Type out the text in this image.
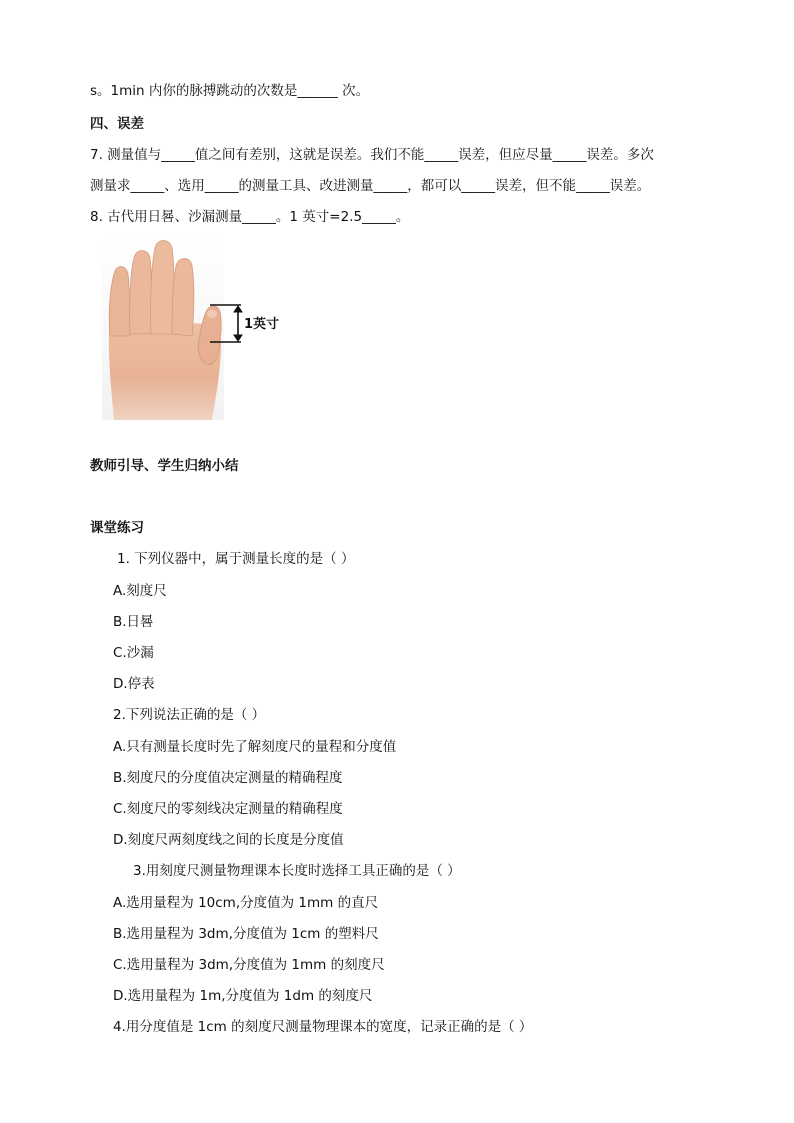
s。1min 内你的脉搏跳动的次数是______ 次。
四、误差
7. 测量值与_____值之间有差别，这就是误差。我们不能_____误差，但应尽量_____误差。多次
测量求_____、选用_____的测量工具、改进测量_____，都可以_____误差，但不能_____误差。
8. 古代用日晷、沙漏测量_____。1 英寸=2.5_____。
1英寸
教师引导、学生归纳小结
课堂练习
1. 下列仪器中，属于测量长度的是（ ）
A.刻度尺
B.日晷
C.沙漏
D.停表
2.下列说法正确的是（ ）
A.只有测量长度时先了解刻度尺的量程和分度值
B.刻度尺的分度值决定测量的精确程度
C.刻度尺的零刻线决定测量的精确程度
D.刻度尺两刻度线之间的长度是分度值
3.用刻度尺测量物理课本长度时选择工具正确的是（ ）
A.选用量程为 10cm,分度值为 1mm 的直尺
B.选用量程为 3dm,分度值为 1cm 的塑料尺
C.选用量程为 3dm,分度值为 1mm 的刻度尺
D.选用量程为 1m,分度值为 1dm 的刻度尺
4.用分度值是 1cm 的刻度尺测量物理课本的宽度，记录正确的是（ ）
